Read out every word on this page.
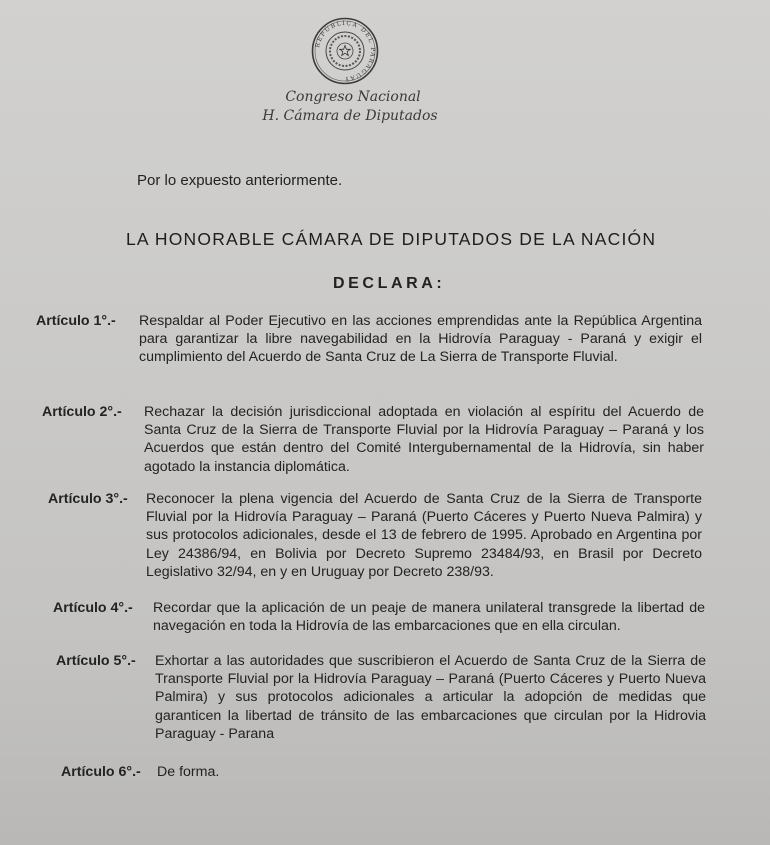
REPÚBLICA DEL PARAGUAY
Congreso Nacional
H. Cámara de Diputados
Por lo expuesto anteriormente.
LA HONORABLE CÁMARA DE DIPUTADOS DE LA NACIÓN
DECLARA:
Artículo 1°.-	Respaldar al Poder Ejecutivo en las acciones emprendidas ante la República Argentina para garantizar la libre navegabilidad en la Hidrovía Paraguay - Paraná y exigir el cumplimiento del Acuerdo de Santa Cruz de La Sierra de Transporte Fluvial.
Artículo 2°.-	Rechazar la decisión jurisdiccional adoptada en violación al espíritu del Acuerdo de Santa Cruz de la Sierra de Transporte Fluvial por la Hidrovía Paraguay – Paraná y los Acuerdos que están dentro del Comité Intergubernamental de la Hidrovía, sin haber agotado la instancia diplomática.
Artículo 3°.-	Reconocer la plena vigencia del Acuerdo de Santa Cruz de la Sierra de Transporte Fluvial por la Hidrovía Paraguay – Paraná (Puerto Cáceres y Puerto Nueva Palmira) y sus protocolos adicionales, desde el 13 de febrero de 1995. Aprobado en Argentina por Ley 24386/94, en Bolivia por Decreto Supremo 23484/93, en Brasil por Decreto Legislativo 32/94, en y en Uruguay por Decreto 238/93.
Artículo 4°.-	Recordar que la aplicación de un peaje de manera unilateral transgrede la libertad de navegación en toda la Hidrovía de las embarcaciones que en ella circulan.
Artículo 5°.-	Exhortar a las autoridades que suscribieron el Acuerdo de Santa Cruz de la Sierra de Transporte Fluvial por la Hidrovía Paraguay – Paraná (Puerto Cáceres y Puerto Nueva Palmira) y sus protocolos adicionales a articular la adopción de medidas que garanticen la libertad de tránsito de las embarcaciones que circulan por la Hidrovia Paraguay - Parana
Artículo 6°.-	De forma.
